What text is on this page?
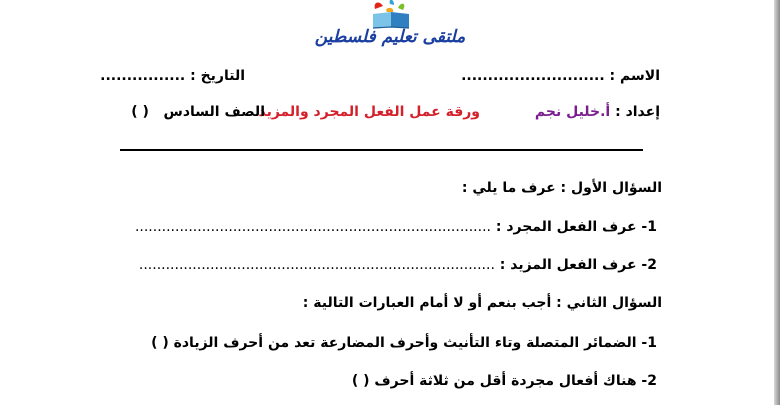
ملتقى تعليم فلسطين
الاسم : ...........................
التاريخ : ................
إعداد : أ.خليل نجم
ورقة عمل الفعل المجرد والمزيد
الصف السادس   ( )
السؤال الأول : عرف ما يلي :
1- عرف الفعل المجرد : ................................................................................
2- عرف الفعل المزيد : ................................................................................
السؤال الثاني : أجب بنعم أو لا أمام العبارات التالية :
1- الضمائر المتصلة وتاء التأنيث وأحرف المضارعة تعد من أحرف الزيادة ( )
2- هناك أفعال مجردة أقل من ثلاثة أحرف ( )
